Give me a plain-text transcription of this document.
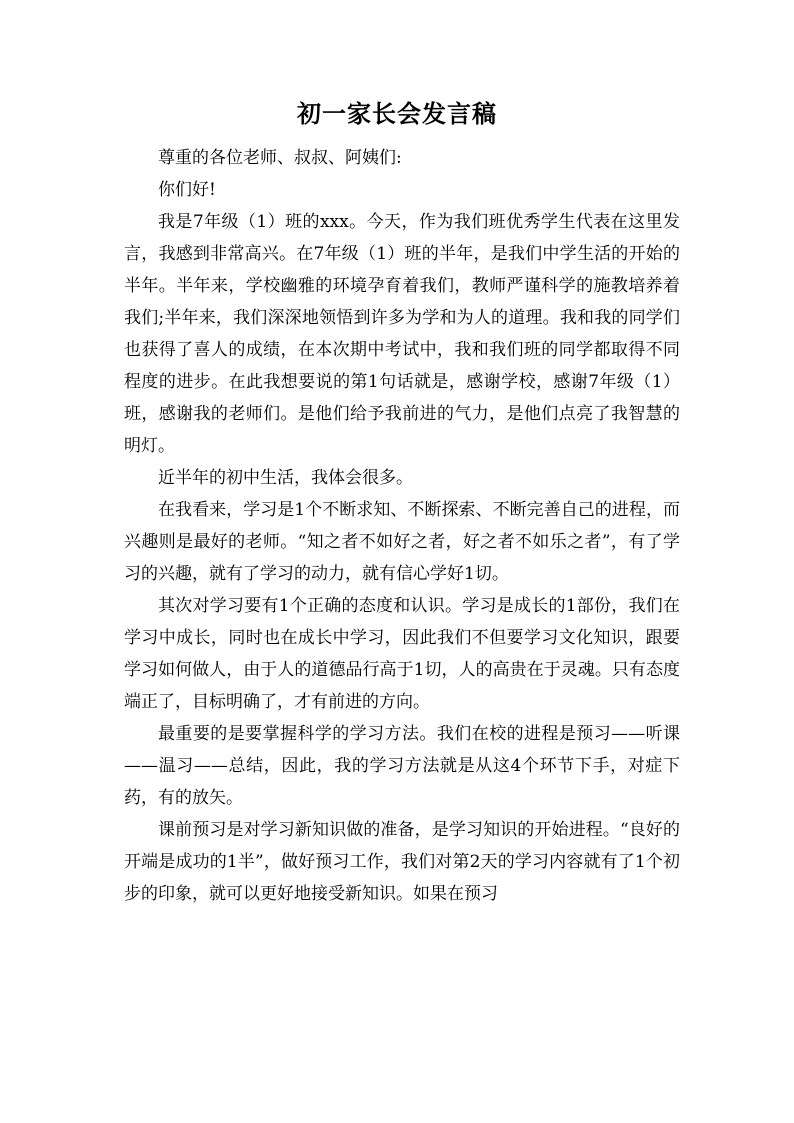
初一家长会发言稿

尊重的各位老师、叔叔、阿姨们:

你们好!

我是7年级（1）班的xxx。今天，作为我们班优秀学生代表在这里发言，我感到非常高兴。在7年级（1）班的半年，是我们中学生活的开始的半年。半年来，学校幽雅的环境孕育着我们，教师严谨科学的施教培养着我们;半年来，我们深深地领悟到许多为学和为人的道理。我和我的同学们也获得了喜人的成绩，在本次期中考试中，我和我们班的同学都取得不同程度的进步。在此我想要说的第1句话就是，感谢学校，感谢7年级（1）班，感谢我的老师们。是他们给予我前进的气力，是他们点亮了我智慧的明灯。

近半年的初中生活，我体会很多。

在我看来，学习是1个不断求知、不断探索、不断完善自己的进程，而兴趣则是最好的老师。“知之者不如好之者，好之者不如乐之者”，有了学习的兴趣，就有了学习的动力，就有信心学好1切。

其次对学习要有1个正确的态度和认识。学习是成长的1部份，我们在学习中成长，同时也在成长中学习，因此我们不但要学习文化知识，跟要学习如何做人，由于人的道德品行高于1切，人的高贵在于灵魂。只有态度端正了，目标明确了，才有前进的方向。

最重要的是要掌握科学的学习方法。我们在校的进程是预习——听课——温习——总结，因此，我的学习方法就是从这4个环节下手，对症下药，有的放矢。

课前预习是对学习新知识做的准备，是学习知识的开始进程。“良好的开端是成功的1半”，做好预习工作，我们对第2天的学习内容就有了1个初步的印象，就可以更好地接受新知识。如果在预习
